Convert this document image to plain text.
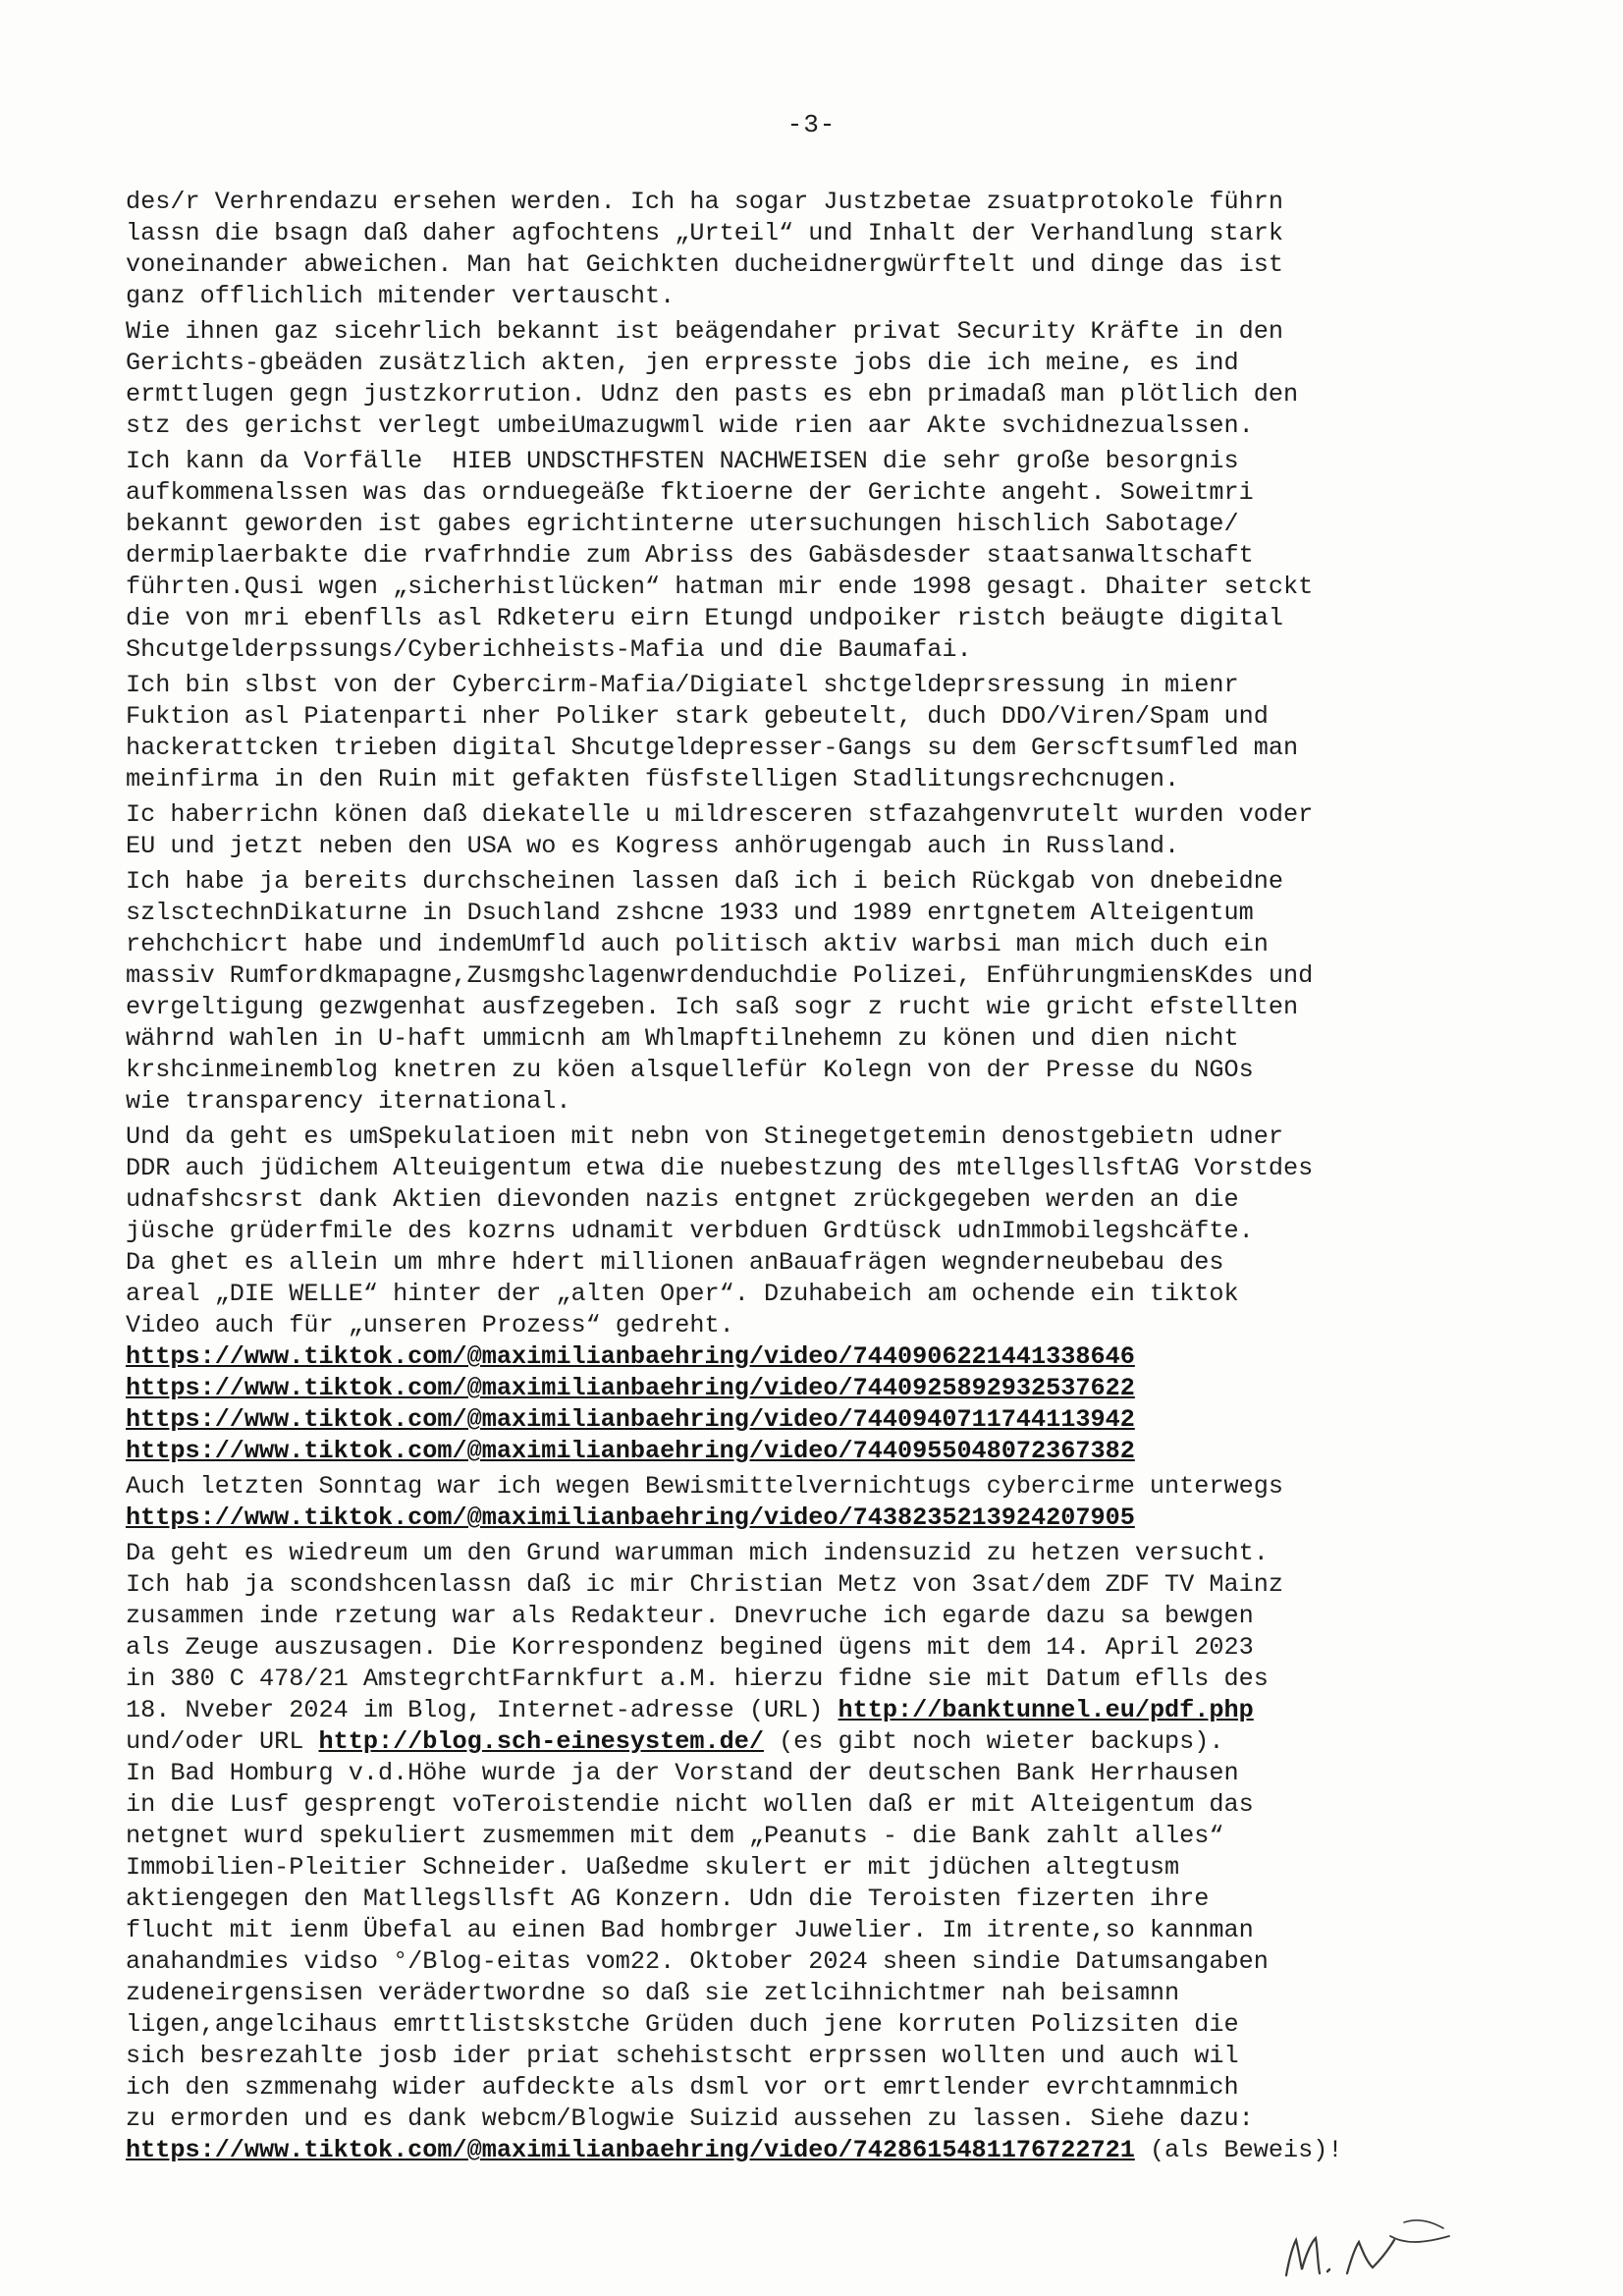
-3-
des/r Verhrendazu ersehen werden. Ich ha sogar Justzbetae zsuatprotokole führn
lassn die bsagn daß daher agfochtens „Urteil“ und Inhalt der Verhandlung stark
voneinander abweichen. Man hat Geichkten ducheidnergwürftelt und dinge das ist
ganz offlichlich mitender vertauscht.
Wie ihnen gaz sicehrlich bekannt ist beägendaher privat Security Kräfte in den
Gerichts-gbeäden zusätzlich akten, jen erpresste jobs die ich meine, es ind
ermttlugen gegn justzkorrution. Udnz den pasts es ebn primadaß man plötlich den
stz des gerichst verlegt umbeiUmazugwml wide rien aar Akte svchidnezualssen.
Ich kann da Vorfälle  HIEB UNDSCTHFSTEN NACHWEISEN die sehr große besorgnis
aufkommenalssen was das ornduegeäße fktioerne der Gerichte angeht. Soweitmri
bekannt geworden ist gabes egrichtinterne utersuchungen hischlich Sabotage/
dermiplaerbakte die rvafrhndie zum Abriss des Gabäsdesder staatsanwaltschaft
führten.Qusi wgen „sicherhistlücken“ hatman mir ende 1998 gesagt. Dhaiter setckt
die von mri ebenflls asl Rdketeru eirn Etungd undpoiker ristch beäugte digital
Shcutgelderpssungs/Cyberichheists-Mafia und die Baumafai.
Ich bin slbst von der Cybercirm-Mafia/Digiatel shctgeldeprsressung in mienr
Fuktion asl Piatenparti nher Poliker stark gebeutelt, duch DDO/Viren/Spam und
hackerattcken trieben digital Shcutgeldepresser-Gangs su dem Gerscftsumfled man
meinfirma in den Ruin mit gefakten füsfstelligen Stadlitungsrechcnugen.
Ic haberrichn könen daß diekatelle u mildresceren stfazahgenvrutelt wurden voder
EU und jetzt neben den USA wo es Kogress anhörugengab auch in Russland.
Ich habe ja bereits durchscheinen lassen daß ich i beich Rückgab von dnebeidne
szlsctechnDikaturne in Dsuchland zshcne 1933 und 1989 enrtgnetem Alteigentum
rehchchicrt habe und indemUmfld auch politisch aktiv warbsi man mich duch ein
massiv Rumfordkmapagne,Zusmgshclagenwrdenduchdie Polizei, EnführungmiensKdes und
evrgeltigung gezwgenhat ausfzegeben. Ich saß sogr z rucht wie gricht efstellten
währnd wahlen in U-haft ummicnh am Whlmapftilnehemn zu könen und dien nicht
krshcinmeinemblog knetren zu köen alsquellefür Kolegn von der Presse du NGOs
wie transparency iternational.
Und da geht es umSpekulatioen mit nebn von Stinegetgetemin denostgebietn udner
DDR auch jüdichem Alteuigentum etwa die nuebestzung des mtellgesllsftAG Vorstdes
udnafshcsrst dank Aktien dievonden nazis entgnet zrückgegeben werden an die
jüsche grüderfmile des kozrns udnamit verbduen Grdtüsck udnImmobilegshcäfte.
Da ghet es allein um mhre hdert millionen anBauafrägen wegnderneubebau des
areal „DIE WELLE“ hinter der „alten Oper“. Dzuhabeich am ochende ein tiktok
Video auch für „unseren Prozess“ gedreht.
https://www.tiktok.com/@maximilianbaehring/video/7440906221441338646
https://www.tiktok.com/@maximilianbaehring/video/7440925892932537622
https://www.tiktok.com/@maximilianbaehring/video/7440940711744113942
https://www.tiktok.com/@maximilianbaehring/video/7440955048072367382
Auch letzten Sonntag war ich wegen Bewismittelvernichtugs cybercirme unterwegs
https://www.tiktok.com/@maximilianbaehring/video/7438235213924207905
Da geht es wiedreum um den Grund warumman mich indensuzid zu hetzen versucht.
Ich hab ja scondshcenlassn daß ic mir Christian Metz von 3sat/dem ZDF TV Mainz
zusammen inde rzetung war als Redakteur. Dnevruche ich egarde dazu sa bewgen
als Zeuge auszusagen. Die Korrespondenz begined ügens mit dem 14. April 2023
in 380 C 478/21 AmstegrchtFarnkfurt a.M. hierzu fidne sie mit Datum eflls des
18. Nveber 2024 im Blog, Internet-adresse (URL) http://banktunnel.eu/pdf.php
und/oder URL http://blog.sch-einesystem.de/ (es gibt noch wieter backups).
In Bad Homburg v.d.Höhe wurde ja der Vorstand der deutschen Bank Herrhausen
in die Lusf gesprengt voTeroistendie nicht wollen daß er mit Alteigentum das
netgnet wurd spekuliert zusmemmen mit dem „Peanuts - die Bank zahlt alles“
Immobilien-Pleitier Schneider. Uaßedme skulert er mit jdüchen altegtusm
aktiengegen den Matllegsllsft AG Konzern. Udn die Teroisten fizerten ihre
flucht mit ienm Übefal au einen Bad hombrger Juwelier. Im itrente,so kannman
anahandmies vidso °/Blog-eitas vom22. Oktober 2024 sheen sindie Datumsangaben
zudeneirgensisen verädertwordne so daß sie zetlcihnichtmer nah beisamnn
ligen,angelcihaus emrttlistskstche Grüden duch jene korruten Polizsiten die
sich besrezahlte josb ider priat schehistscht erprssen wollten und auch wil
ich den szmmenahg wider aufdeckte als dsml vor ort emrtlender evrchtamnmich
zu ermorden und es dank webcm/Blogwie Suizid aussehen zu lassen. Siehe dazu:
https://www.tiktok.com/@maximilianbaehring/video/7428615481176722721 (als Beweis)!
